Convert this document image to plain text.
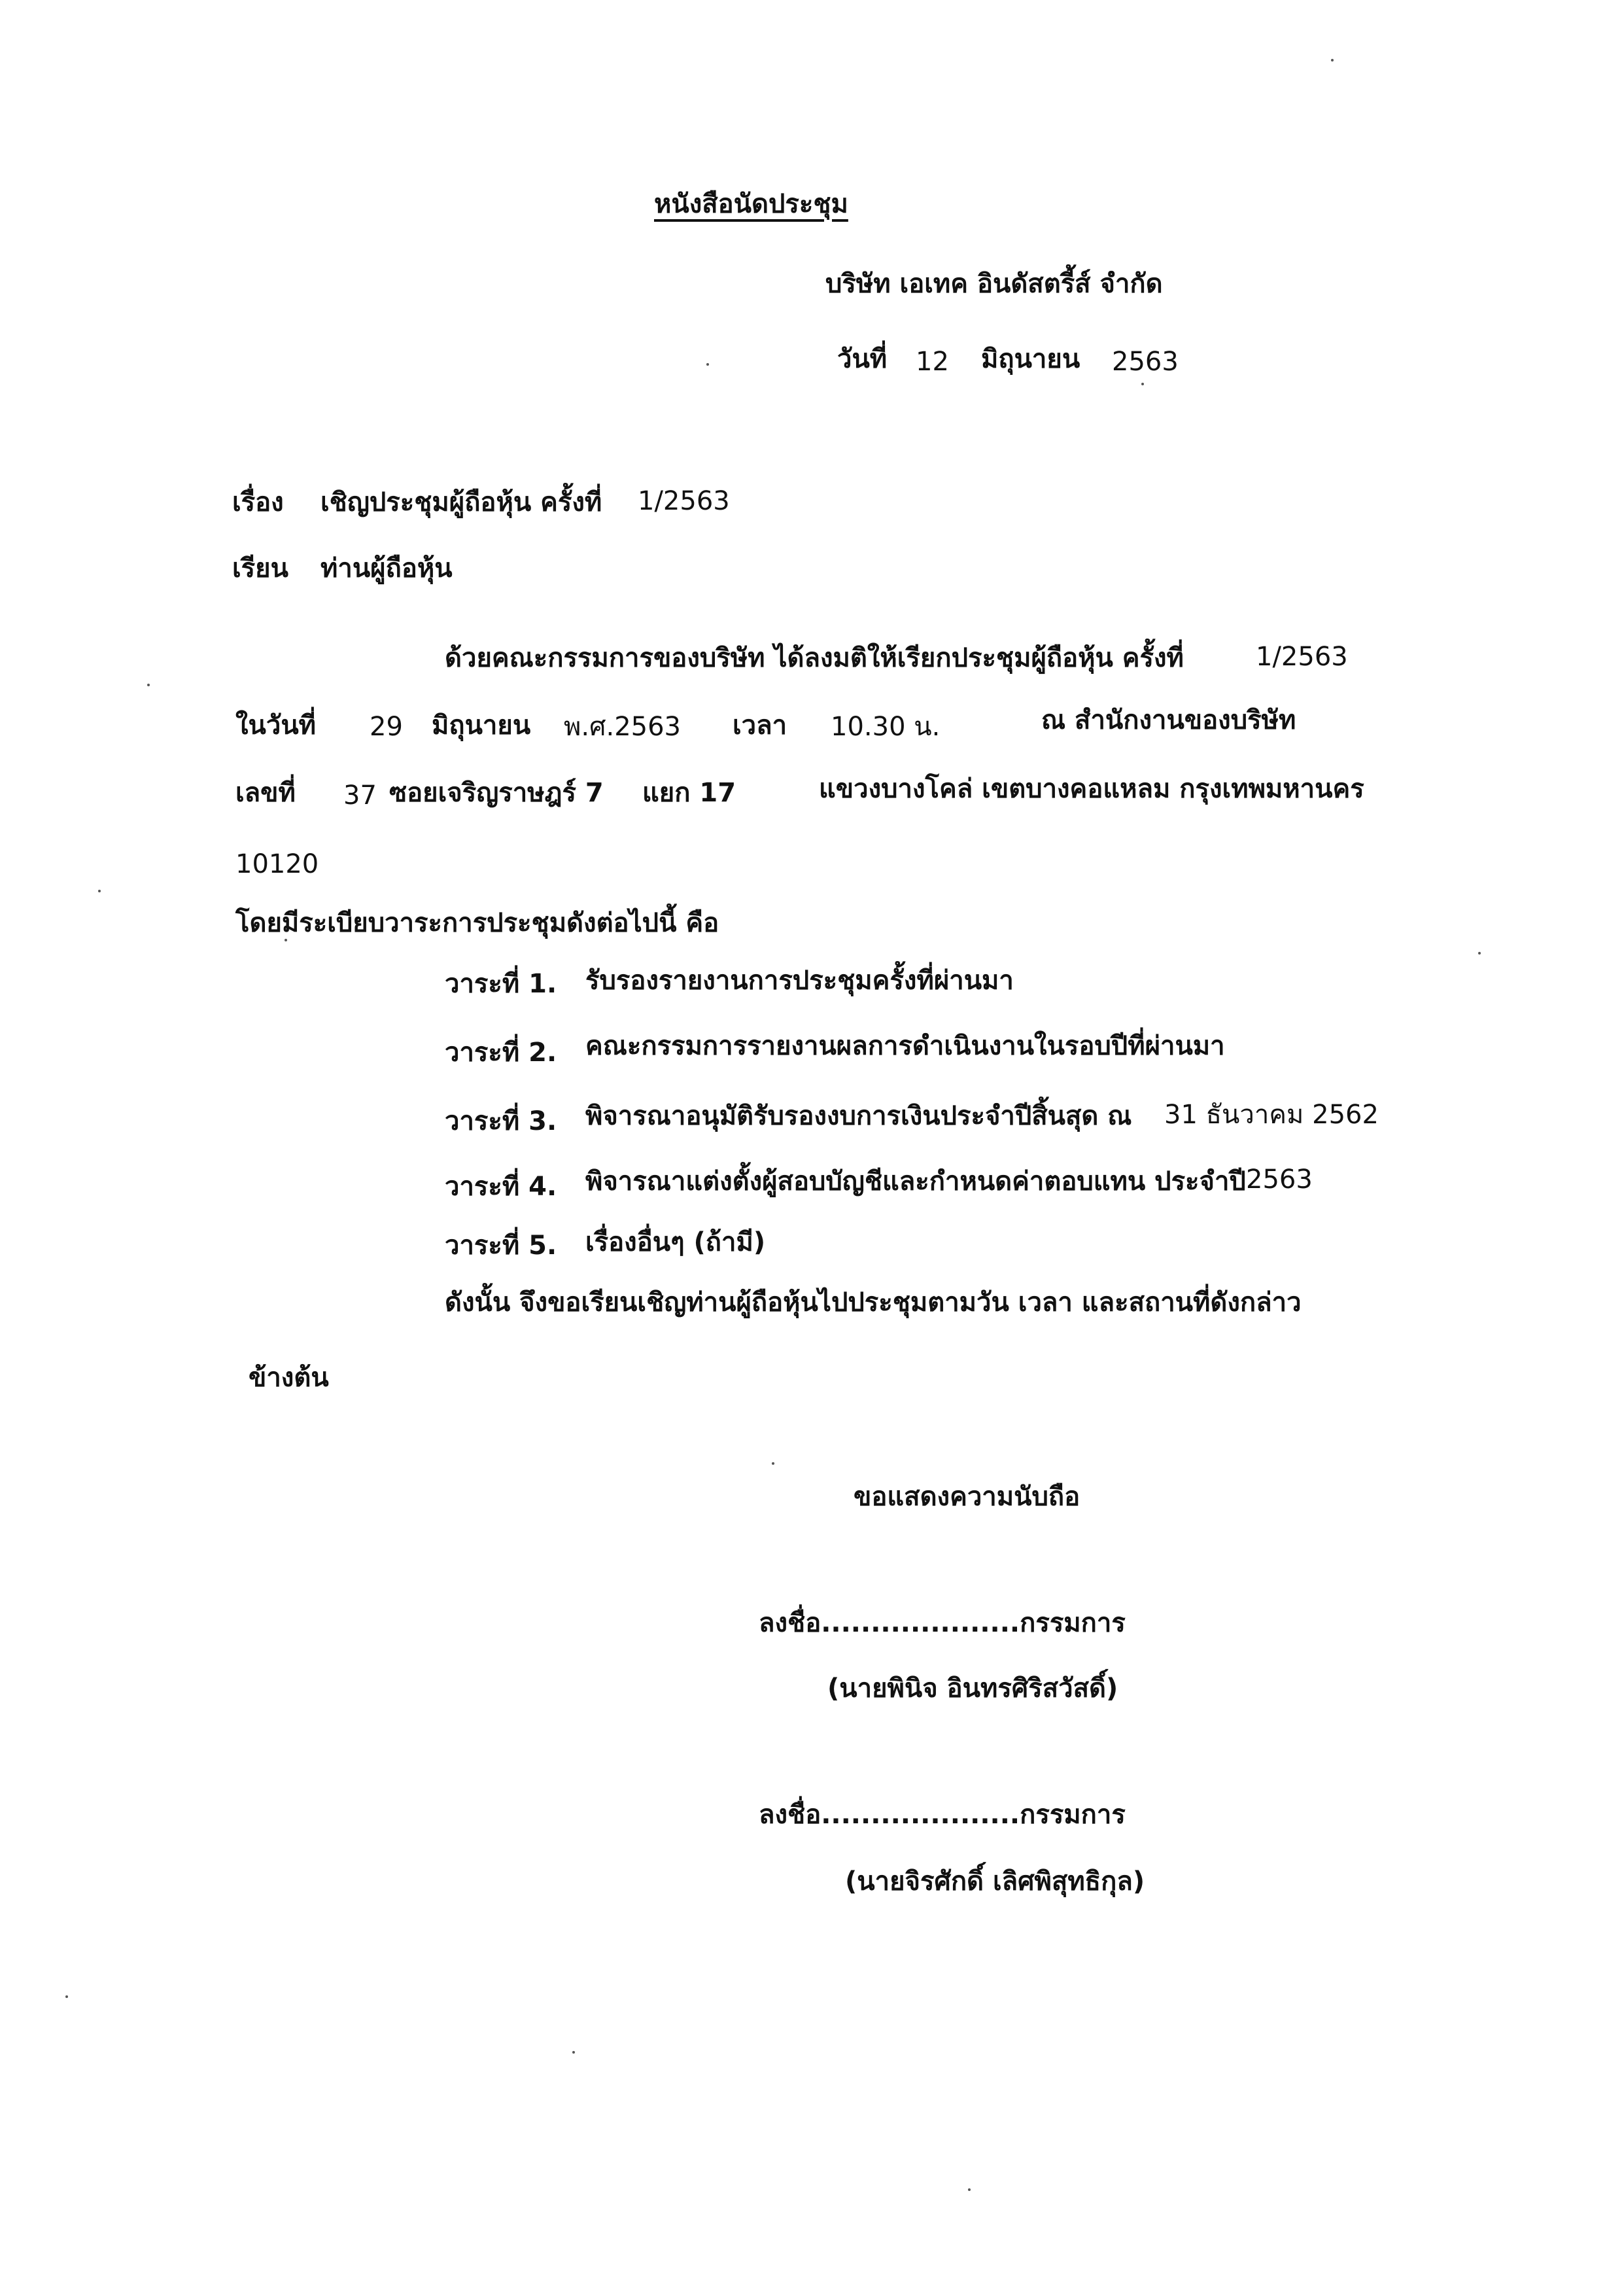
หนังสือนัดประชุม
บริษัท เอเทค อินดัสตรี้ส์ จำกัด
วันที่ 12 มิถุนายน 2563
เรื่อง เชิญประชุมผู้ถือหุ้น ครั้งที่ 1/2563
เรียน ท่านผู้ถือหุ้น
ด้วยคณะกรรมการของบริษัท ได้ลงมติให้เรียกประชุมผู้ถือหุ้น ครั้งที่	1/2563
ในวันที่ 29 มิถุนายน พ.ศ.2563 เวลา 10.30 น.	ณ สำนักงานของบริษัท
เลขที่ 37 ซอยเจริญราษฎร์ 7 แยก 17	แขวงบางโคล่ เขตบางคอแหลม กรุงเทพมหานคร
10120
โดยมีระเบียบวาระการประชุมดังต่อไปนี้ คือ
วาระที่ 1. รับรองรายงานการประชุมครั้งที่ผ่านมา
วาระที่ 2. คณะกรรมการรายงานผลการดำเนินงานในรอบปีที่ผ่านมา
วาระที่ 3. พิจารณาอนุมัติรับรองงบการเงินประจำปีสิ้นสุด ณ 31 ธันวาคม 2562
วาระที่ 4. พิจารณาแต่งตั้งผู้สอบบัญชีและกำหนดค่าตอบแทน ประจำปี 2563
วาระที่ 5. เรื่องอื่นๆ (ถ้ามี)
ดังนั้น จึงขอเรียนเชิญท่านผู้ถือหุ้นไปประชุมตามวัน เวลา และสถานที่ดังกล่าว
ข้างต้น
ขอแสดงความนับถือ
ลงชื่อ....................กรรมการ
(นายพินิจ อินทรศิริสวัสดิ์)
ลงชื่อ....................กรรมการ
(นายจิรศักดิ์ เลิศพิสุทธิกุล)
